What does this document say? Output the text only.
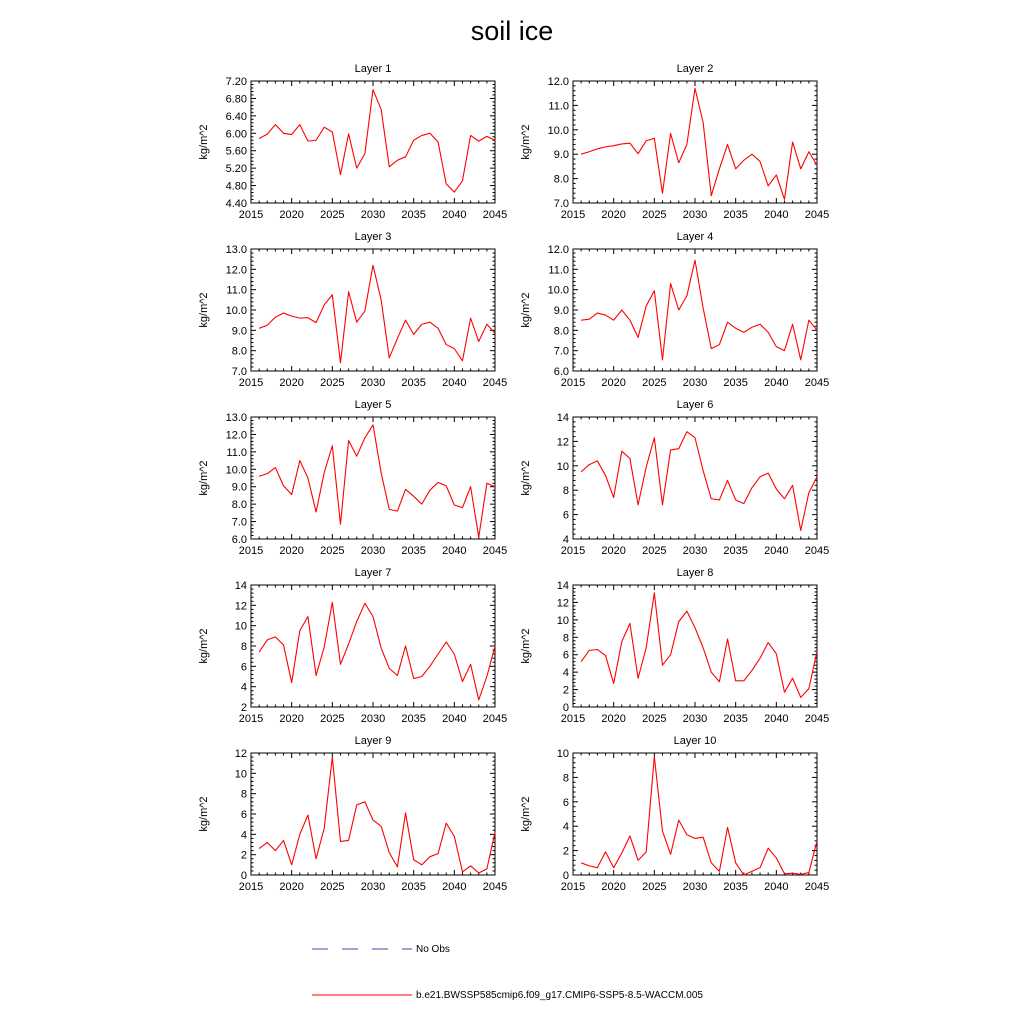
soil ice
Layer 1
kg/m^2
2015 2020 2025 2030 2035 2040 2045
4.40
4.80
5.20
5.60
6.00
6.40
6.80
7.20
Layer 2
kg/m^2
2015 2020 2025 2030 2035 2040 2045
7.0
8.0
9.0
10.0
11.0
12.0
Layer 3
kg/m^2
2015 2020 2025 2030 2035 2040 2045
7.0
8.0
9.0
10.0
11.0
12.0
13.0
Layer 4
kg/m^2
2015 2020 2025 2030 2035 2040 2045
6.0
7.0
8.0
9.0
10.0
11.0
12.0
Layer 5
kg/m^2
2015 2020 2025 2030 2035 2040 2045
6.0
7.0
8.0
9.0
10.0
11.0
12.0
13.0
Layer 6
kg/m^2
2015 2020 2025 2030 2035 2040 2045
4
6
8
10
12
14
Layer 7
kg/m^2
2015 2020 2025 2030 2035 2040 2045
2
4
6
8
10
12
14
Layer 8
kg/m^2
2015 2020 2025 2030 2035 2040 2045
0
2
4
6
8
10
12
14
Layer 9
kg/m^2
2015 2020 2025 2030 2035 2040 2045
0
2
4
6
8
10
12
Layer 10
kg/m^2
2015 2020 2025 2030 2035 2040 2045
0
2
4
6
8
10
No Obs
b.e21.BWSSP585cmip6.f09_g17.CMIP6-SSP5-8.5-WACCM.005
